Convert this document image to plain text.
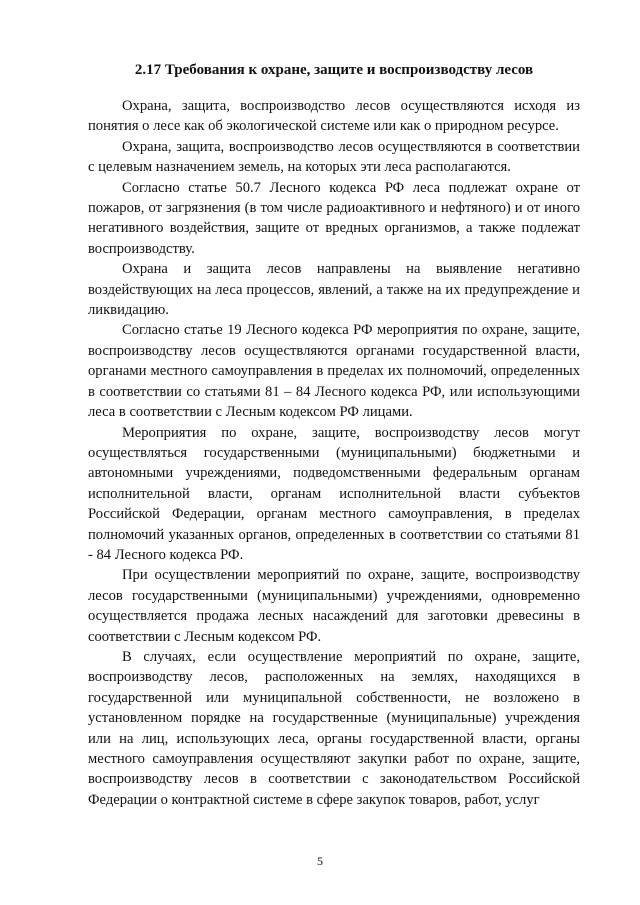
2.17 Требования к охране, защите и воспроизводству лесов

Охрана, защита, воспроизводство лесов осуществляются исходя из понятия о лесе как об экологической системе или как о природном ресурсе.

Охрана, защита, воспроизводство лесов осуществляются в соответствии с целевым назначением земель, на которых эти леса располагаются.

Согласно статье 50.7 Лесного кодекса РФ леса подлежат охране от пожаров, от загрязнения (в том числе радиоактивного и нефтяного) и от иного негативного воздействия, защите от вредных организмов, а также подлежат воспроизводству.

Охрана и защита лесов направлены на выявление негативно воздействующих на леса процессов, явлений, а также на их предупреждение и ликвидацию.

Согласно статье 19 Лесного кодекса РФ мероприятия по охране, защите, воспроизводству лесов осуществляются органами государственной власти, органами местного самоуправления в пределах их полномочий, определенных в соответствии со статьями 81 – 84 Лесного кодекса РФ, или использующими леса в соответствии с Лесным кодексом РФ лицами.

Мероприятия по охране, защите, воспроизводству лесов могут осуществляться государственными (муниципальными) бюджетными и автономными учреждениями, подведомственными федеральным органам исполнительной власти, органам исполнительной власти субъектов Российской Федерации, органам местного самоуправления, в пределах полномочий указанных органов, определенных в соответствии со статьями 81 - 84 Лесного кодекса РФ.

При осуществлении мероприятий по охране, защите, воспроизводству лесов государственными (муниципальными) учреждениями, одновременно осуществляется продажа лесных насаждений для заготовки древесины в соответствии с Лесным кодексом РФ.

В случаях, если осуществление мероприятий по охране, защите, воспроизводству лесов, расположенных на землях, находящихся в государственной или муниципальной собственности, не возложено в установленном порядке на государственные (муниципальные) учреждения или на лиц, использующих леса, органы государственной власти, органы местного самоуправления осуществляют закупки работ по охране, защите, воспроизводству лесов в соответствии с законодательством Российской Федерации о контрактной системе в сфере закупок товаров, работ, услуг

5
